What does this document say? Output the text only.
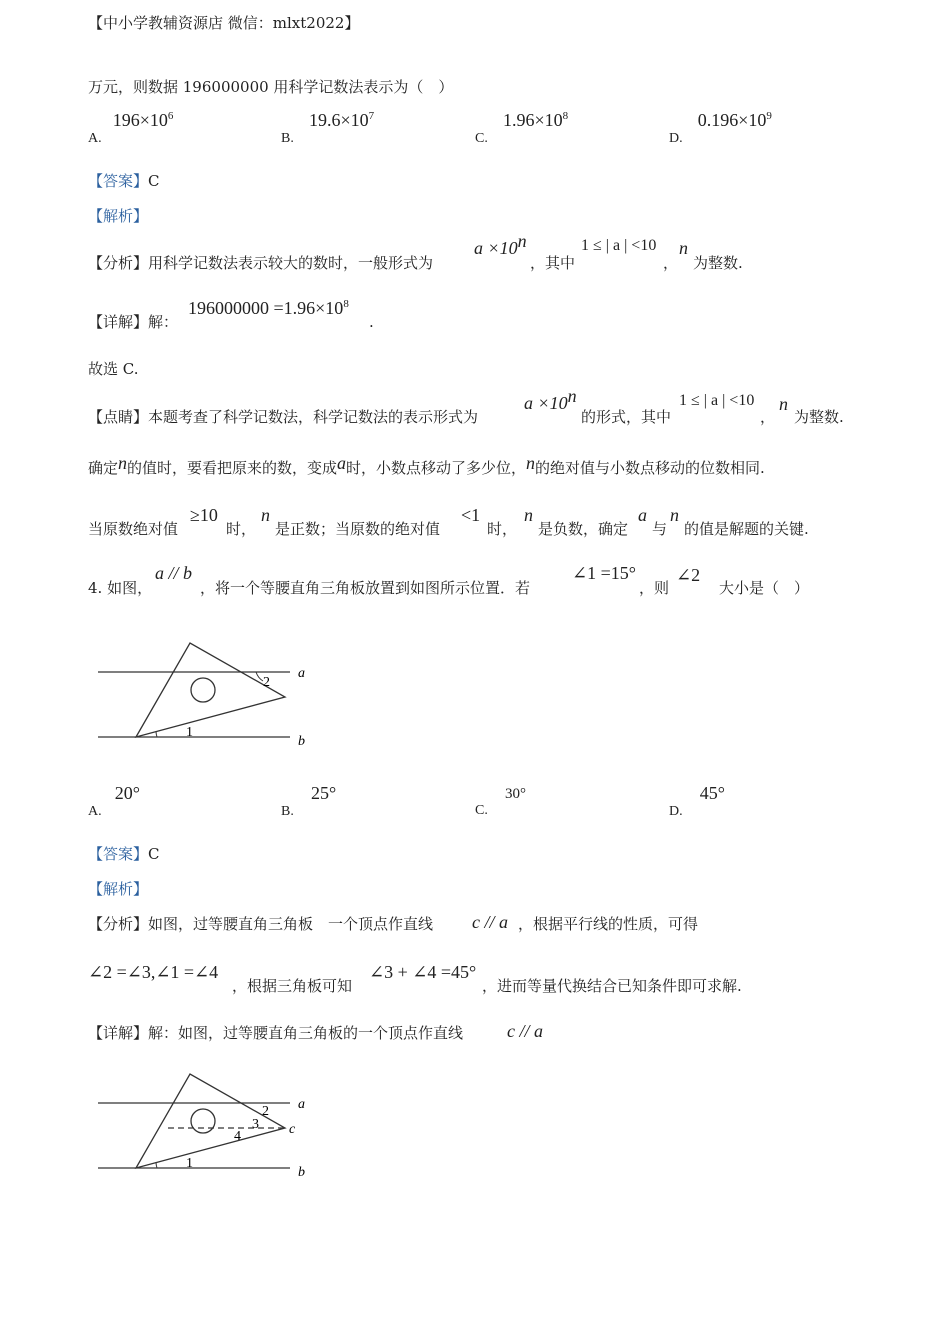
【中小学教辅资源店 微信：mlxt2022】
万元，则数据 196000000 用科学记数法表示为（　）
A. $196\times 10^6$
B. $19.6\times 10^7$
C. $1.96\times 10^8$
D. $0.196\times 10^9$
【答案】C
【解析】
【分析】用科学记数法表示较大的数时，一般形式为
$a \times 10^n$
，其中
1 ≤ | a | <10
，
n
为整数.
【详解】解：
$196000000 =1.96\times 10^8$
.
故选 C.
【点睛】本题考查了科学记数法，科学记数法的表示形式为
$a \times 10^n$
的形式，其中
1 ≤ | a | <10
，
n
为整数.
确定n的值时，要看把原来的数，变成a时，小数点移动了多少位，n的绝对值与小数点移动的位数相同.
当原数绝对值
≥10
时，
n
是正数；当原数的绝对值
<1
时，
n
是负数，确定
a
与
n
的值是解题的关键.
4. 如图，
a // b
，将一个等腰直角三角板放置到如图所示位置．若
∠1 =15°
，则
∠2
大小是（　）
a
b
2
1
a
b
c
2
3
4
1
A. 20°
B. 25°
C. 30°
D. 45°
【答案】C
【解析】
【分析】如图，过等腰直角三角板　一个顶点作直线 c // a ，根据平行线的性质，可得
∠2 =∠3,∠1 =∠4
，根据三角板可知
∠3 + ∠4 =45°
，进而等量代换结合已知条件即可求解.
【详解】解：如图，过等腰直角三角板的一个顶点作直线 c // a
